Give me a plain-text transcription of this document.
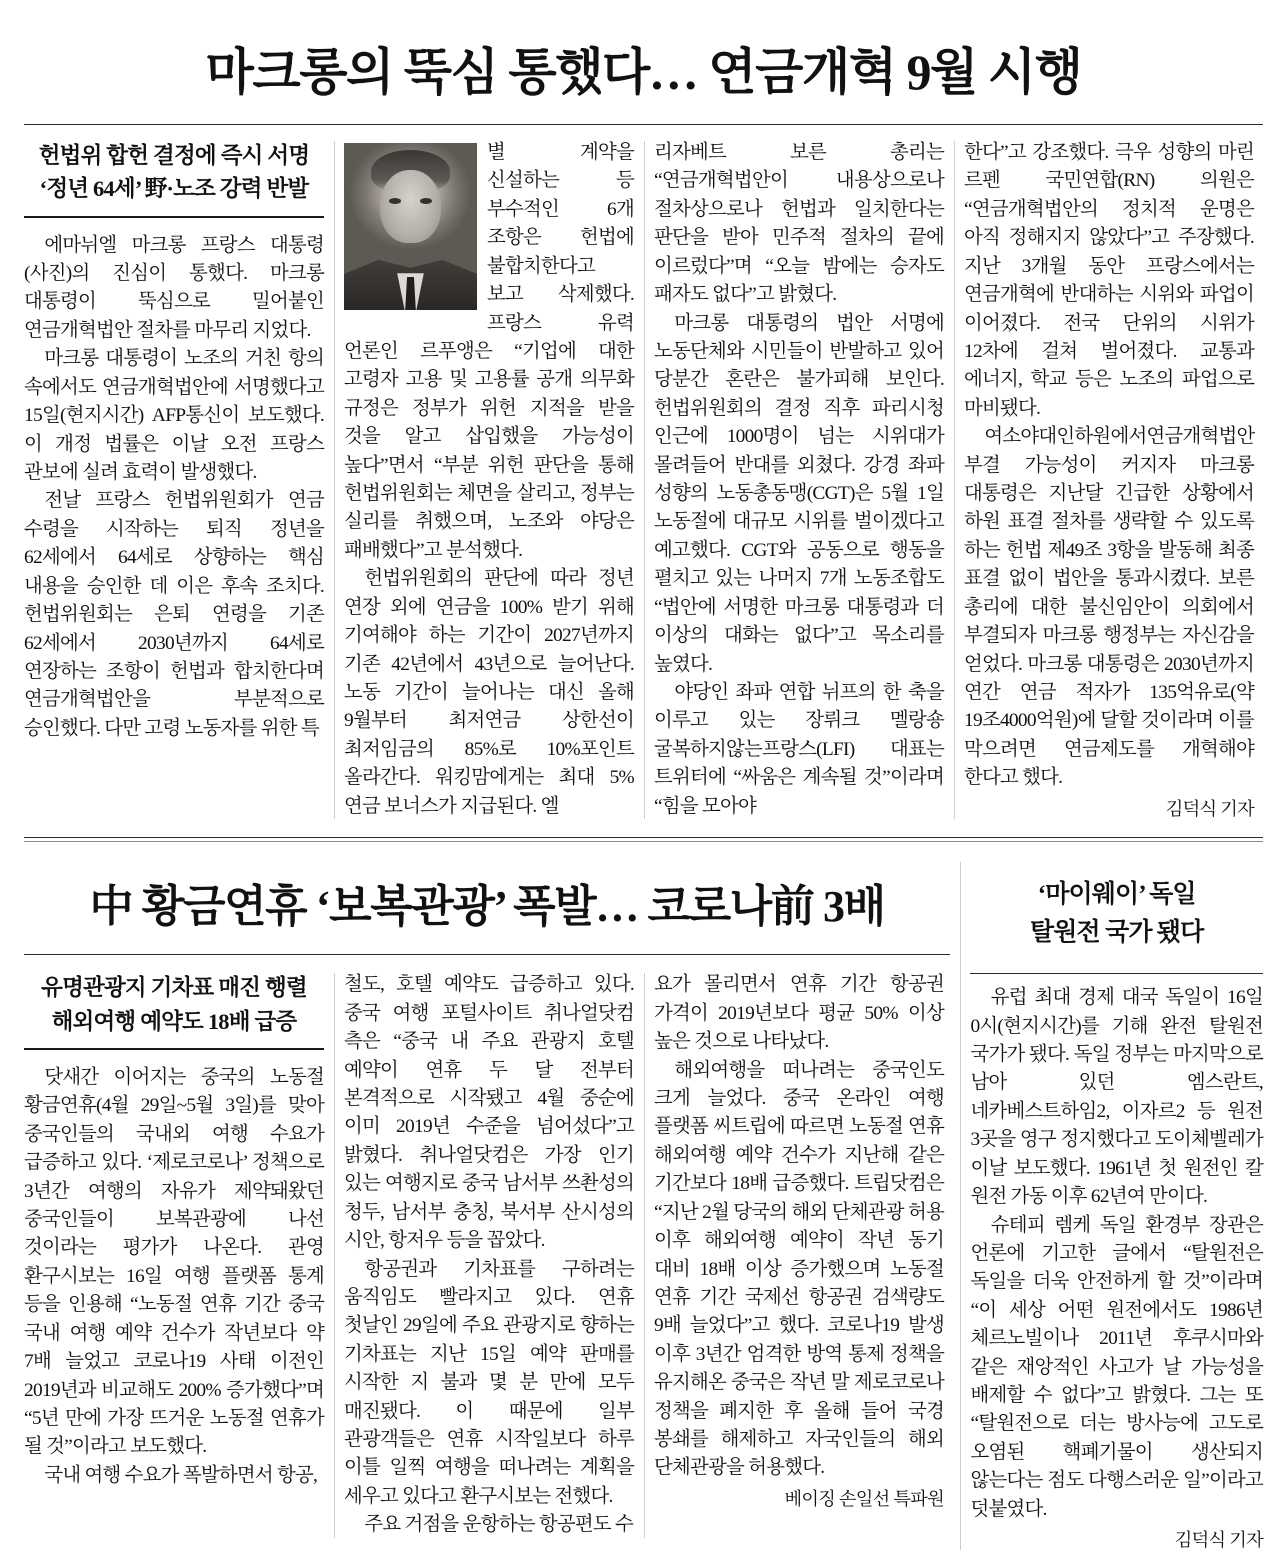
마크롱의 뚝심 통했다… 연금개혁 9월 시행
헌법위 합헌 결정에 즉시 서명
‘정년 64세’ 野·노조 강력 반발

에마뉘엘 마크롱 프랑스 대통령(사진)의 진심이 통했다. 마크롱 대통령이 뚝심으로 밀어붙인 연금개혁법안 절차를 마무리 지었다.

마크롱 대통령이 노조의 거친 항의 속에서도 연금개혁법안에 서명했다고 15일(현지시간) AFP통신이 보도했다. 이 개정 법률은 이날 오전 프랑스 관보에 실려 효력이 발생했다.

전날 프랑스 헌법위원회가 연금 수령을 시작하는 퇴직 정년을 62세에서 64세로 상향하는 핵심 내용을 승인한 데 이은 후속 조치다. 헌법위원회는 은퇴 연령을 기존 62세에서 2030년까지 64세로 연장하는 조항이 헌법과 합치한다며 연금개혁법안을 부분적으로 승인했다. 다만 고령 노동자를 위한 특

별 계약을 신설하는 등 부수적인 6개 조항은 헌법에 불합치한다고 보고 삭제했다. 프랑스 유력 언론인 르푸앵은 “기업에 대한 고령자 고용 및 고용률 공개 의무화 규정은 정부가 위헌 지적을 받을 것을 알고 삽입했을 가능성이 높다”면서 “부분 위헌 판단을 통해 헌법위원회는 체면을 살리고, 정부는 실리를 취했으며, 노조와 야당은 패배했다”고 분석했다.

헌법위원회의 판단에 따라 정년 연장 외에 연금을 100% 받기 위해 기여해야 하는 기간이 2027년까지 기존 42년에서 43년으로 늘어난다. 노동 기간이 늘어나는 대신 올해 9월부터 최저연금 상한선이 최저임금의 85%로 10%포인트 올라간다. 워킹맘에게는 최대 5% 연금 보너스가 지급된다. 엘

리자베트 보른 총리는 “연금개혁법안이 내용상으로나 절차상으로나 헌법과 일치한다는 판단을 받아 민주적 절차의 끝에 이르렀다”며 “오늘 밤에는 승자도 패자도 없다”고 밝혔다.

마크롱 대통령의 법안 서명에 노동단체와 시민들이 반발하고 있어 당분간 혼란은 불가피해 보인다. 헌법위원회의 결정 직후 파리시청 인근에 1000명이 넘는 시위대가 몰려들어 반대를 외쳤다. 강경 좌파 성향의 노동총동맹(CGT)은 5월 1일 노동절에 대규모 시위를 벌이겠다고 예고했다. CGT와 공동으로 행동을 펼치고 있는 나머지 7개 노동조합도 “법안에 서명한 마크롱 대통령과 더 이상의 대화는 없다”고 목소리를 높였다.

야당인 좌파 연합 뉘프의 한 축을 이루고 있는 장뤼크 멜랑숑 굴복하지않는프랑스(LFI) 대표는 트위터에 “싸움은 계속될 것”이라며 “힘을 모아야

한다”고 강조했다. 극우 성향의 마린 르펜 국민연합(RN) 의원은 “연금개혁법안의 정치적 운명은 아직 정해지지 않았다”고 주장했다. 지난 3개월 동안 프랑스에서는 연금개혁에 반대하는 시위와 파업이 이어졌다. 전국 단위의 시위가 12차에 걸쳐 벌어졌다. 교통과 에너지, 학교 등은 노조의 파업으로 마비됐다.

여소야대인하원에서연금개혁법안 부결 가능성이 커지자 마크롱 대통령은 지난달 긴급한 상황에서 하원 표결 절차를 생략할 수 있도록 하는 헌법 제49조 3항을 발동해 최종 표결 없이 법안을 통과시켰다. 보른 총리에 대한 불신임안이 의회에서 부결되자 마크롱 행정부는 자신감을 얻었다. 마크롱 대통령은 2030년까지 연간 연금 적자가 135억유로(약 19조4000억원)에 달할 것이라며 이를 막으려면 연금제도를 개혁해야 한다고 했다.

김덕식 기자
中 황금연휴 ‘보복관광’ 폭발… 코로나前 3배
유명관광지 기차표 매진 행렬
해외여행 예약도 18배 급증

닷새간 이어지는 중국의 노동절 황금연휴(4월 29일~5월 3일)를 맞아 중국인들의 국내외 여행 수요가 급증하고 있다. ‘제로코로나’ 정책으로 3년간 여행의 자유가 제약돼왔던 중국인들이 보복관광에 나선 것이라는 평가가 나온다. 관영 환구시보는 16일 여행 플랫폼 통계 등을 인용해 “노동절 연휴 기간 중국 국내 여행 예약 건수가 작년보다 약 7배 늘었고 코로나19 사태 이전인 2019년과 비교해도 200% 증가했다”며 “5년 만에 가장 뜨거운 노동절 연휴가 될 것”이라고 보도했다.

국내 여행 수요가 폭발하면서 항공,

철도, 호텔 예약도 급증하고 있다. 중국 여행 포털사이트 취나얼닷컴 측은 “중국 내 주요 관광지 호텔 예약이 연휴 두 달 전부터 본격적으로 시작됐고 4월 중순에 이미 2019년 수준을 넘어섰다”고 밝혔다. 취나얼닷컴은 가장 인기 있는 여행지로 중국 남서부 쓰촨성의 청두, 남서부 충칭, 북서부 산시성의 시안, 항저우 등을 꼽았다.

항공권과 기차표를 구하려는 움직임도 빨라지고 있다. 연휴 첫날인 29일에 주요 관광지로 향하는 기차표는 지난 15일 예약 판매를 시작한 지 불과 몇 분 만에 모두 매진됐다. 이 때문에 일부 관광객들은 연휴 시작일보다 하루 이틀 일찍 여행을 떠나려는 계획을 세우고 있다고 환구시보는 전했다.

주요 거점을 운항하는 항공편도 수

요가 몰리면서 연휴 기간 항공권 가격이 2019년보다 평균 50% 이상 높은 것으로 나타났다.

해외여행을 떠나려는 중국인도 크게 늘었다. 중국 온라인 여행 플랫폼 씨트립에 따르면 노동절 연휴 해외여행 예약 건수가 지난해 같은 기간보다 18배 급증했다. 트립닷컴은 “지난 2월 당국의 해외 단체관광 허용 이후 해외여행 예약이 작년 동기 대비 18배 이상 증가했으며 노동절 연휴 기간 국제선 항공권 검색량도 9배 늘었다”고 했다. 코로나19 발생 이후 3년간 엄격한 방역 통제 정책을 유지해온 중국은 작년 말 제로코로나 정책을 폐지한 후 올해 들어 국경 봉쇄를 해제하고 자국인들의 해외 단체관광을 허용했다.

베이징 손일선 특파원
‘마이웨이’ 독일
탈원전 국가 됐다

유럽 최대 경제 대국 독일이 16일 0시(현지시간)를 기해 완전 탈원전 국가가 됐다. 독일 정부는 마지막으로 남아 있던 엠스란트, 네카베스트하임2, 이자르2 등 원전 3곳을 영구 정지했다고 도이체벨레가 이날 보도했다. 1961년 첫 원전인 칼 원전 가동 이후 62년여 만이다.

슈테피 렘케 독일 환경부 장관은 언론에 기고한 글에서 “탈원전은 독일을 더욱 안전하게 할 것”이라며 “이 세상 어떤 원전에서도 1986년 체르노빌이나 2011년 후쿠시마와 같은 재앙적인 사고가 날 가능성을 배제할 수 없다”고 밝혔다. 그는 또 “탈원전으로 더는 방사능에 고도로 오염된 핵폐기물이 생산되지 않는다는 점도 다행스러운 일”이라고 덧붙였다.

김덕식 기자
